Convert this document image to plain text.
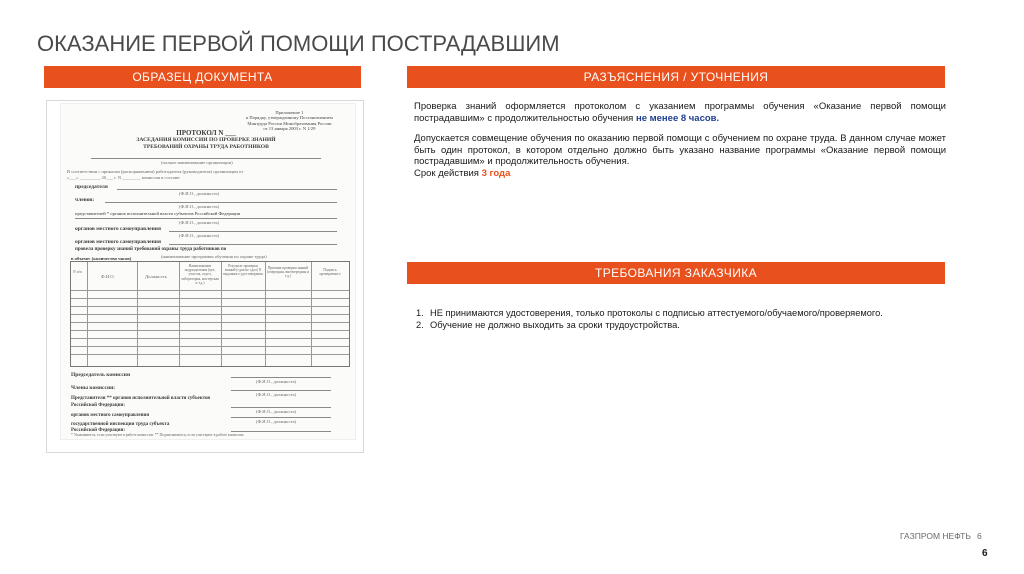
ОКАЗАНИЕ ПЕРВОЙ ПОМОЩИ ПОСТРАДАВШИМ
ОБРАЗЕЦ ДОКУМЕНТА	РАЗЪЯСНЕНИЯ / УТОЧНЕНИЯ
ТРЕБОВАНИЯ ЗАКАЗЧИКА
Приложение 1
к Порядку, утвержденному Постановлением
Минтруда России Минобразования России
от 13 января 2003 г. N 1/29
ПРОТОКОЛ N ___
ЗАСЕДАНИЯ КОМИССИИ ПО ПРОВЕРКЕ ЗНАНИЙ
ТРЕБОВАНИЙ ОХРАНЫ ТРУДА РАБОТНИКОВ
(полное наименование организации)
В соответствии с приказом (распоряжением) работодателя (руководителя) организации от
«___» _________ 20___ г. N ________ комиссия в составе:
председателя
(Ф.И.О., должность)
членов:
(Ф.И.О., должность)
представителей * органов исполнительной власти субъектов Российской Федерации
(Ф.И.О., должность)
органов местного самоуправления
(Ф.И.О., должность)
органов местного самоуправления
провела проверку знаний требований охраны труда работников по
(наименование программы обучения по охране труда)
в объеме: (количество часов)
N п/п
Ф.И.О.	Должность
Наименование подразделения (цех, участок, отдел, лаборатория, мастерская и т.д.)
Результат проверки знаний (сдал/не сдал) N выданного удостоверения
Причина проверки знаний (очередная, внеочередная и т.д.)
Подпись проверяемого
Председатель комиссии
(Ф.И.О., должность)
Члены комиссии:
(Ф.И.О., должность)
Представители ** органов исполнительной власти субъектов
Российской Федерации:
(Ф.И.О., должность)
органов местного самоуправления
(Ф.И.О., должность)
государственной инспекции труда субъекта
Российской Федерации:
* Указываются, если участвуют в работе комиссии. ** Подписываются, если участвуют в работе комиссии.
Проверка знаний оформляется протоколом с указанием программы обучения «Оказание первой помощи пострадавшим» с продолжительностью обучения не менее 8 часов.
Допускается совмещение обучения по оказанию первой помощи с обучением по охране труда. В данном случае может быть один протокол, в котором отдельно должно быть указано название программы «Оказание первой помощи пострадавшим» и продолжительность обучения.
Срок действия 3 года
1. НЕ принимаются удостоверения, только протоколы с подписью аттестуемого/обучаемого/проверяемого.
2. Обучение не должно выходить за сроки трудоустройства.
ГАЗПРОМ НЕФТЬ 6
6
